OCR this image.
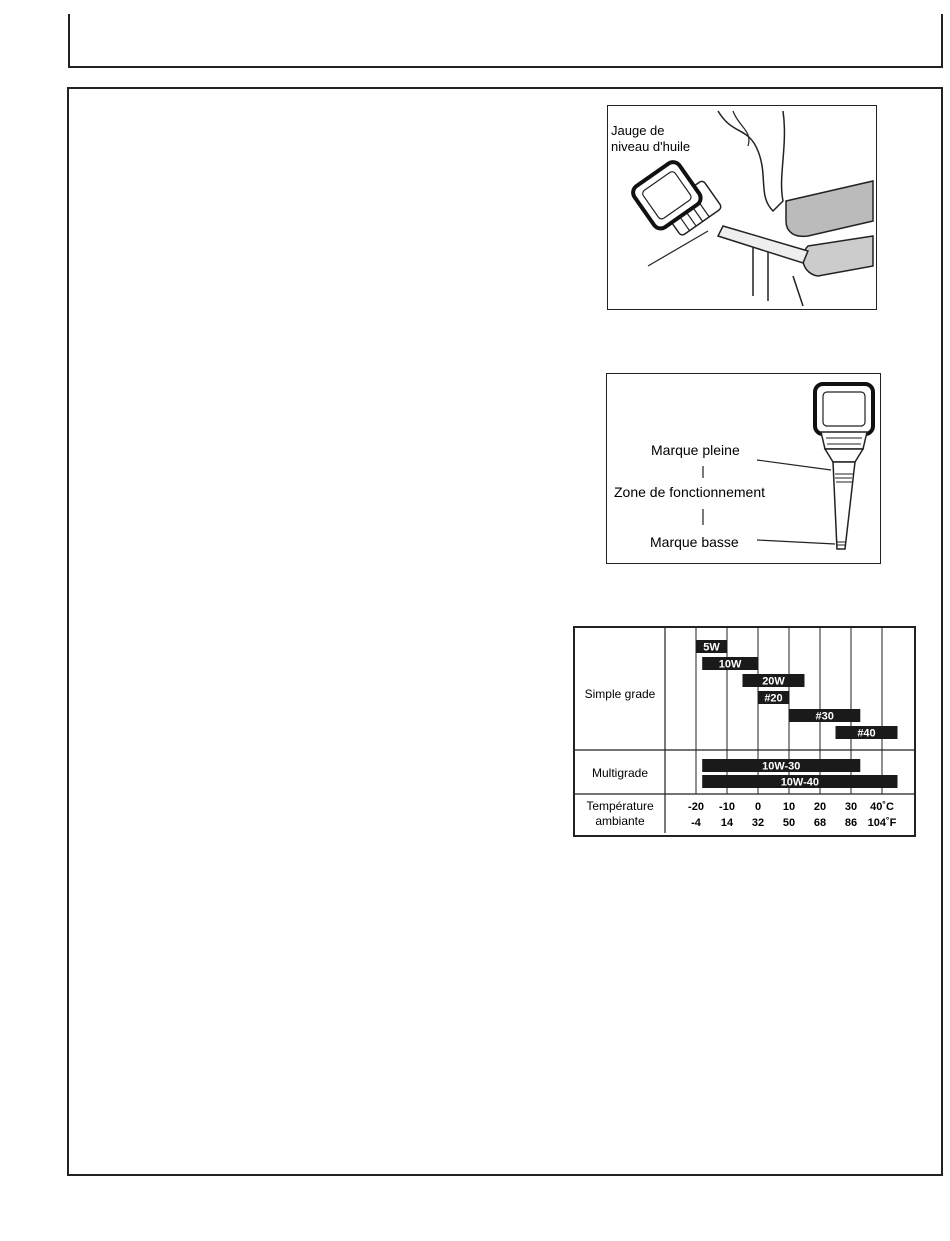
Jauge de
niveau d'huile
Marque pleine
Zone de fonctionnement
Marque basse
Simple grade
Multigrade
Température
ambiante
5W
10W
20W
#20
#30
#40
10W-30
10W-40
-20
-4
-10
14
0
32
10
50
20
68
30
86
40˚C
104˚F
